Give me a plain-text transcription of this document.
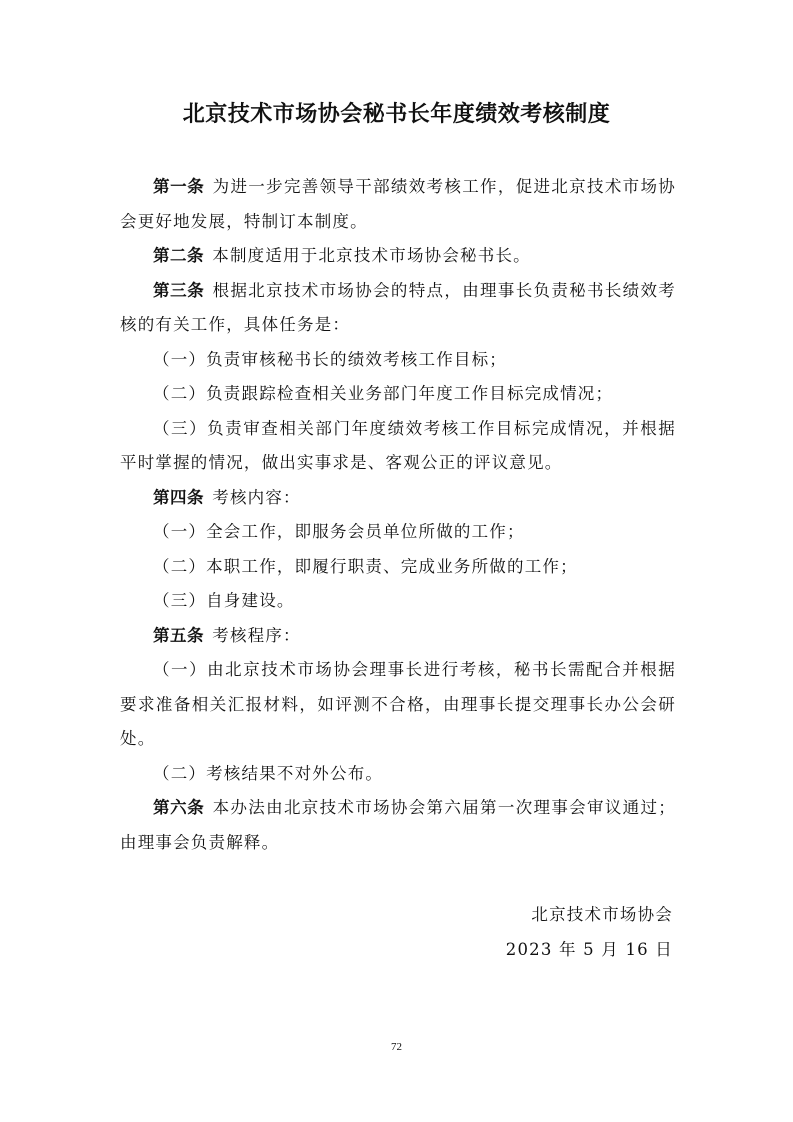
北京技术市场协会秘书长年度绩效考核制度

第一条 为进一步完善领导干部绩效考核工作，促进北京技术市场协会更好地发展，特制订本制度。

第二条 本制度适用于北京技术市场协会秘书长。

第三条 根据北京技术市场协会的特点，由理事长负责秘书长绩效考核的有关工作，具体任务是：

（一）负责审核秘书长的绩效考核工作目标；

（二）负责跟踪检查相关业务部门年度工作目标完成情况；

（三）负责审查相关部门年度绩效考核工作目标完成情况，并根据平时掌握的情况，做出实事求是、客观公正的评议意见。

第四条 考核内容：

（一）全会工作，即服务会员单位所做的工作；

（二）本职工作，即履行职责、完成业务所做的工作；

（三）自身建设。

第五条 考核程序：

（一）由北京技术市场协会理事长进行考核，秘书长需配合并根据要求准备相关汇报材料，如评测不合格，由理事长提交理事长办公会研处。

（二）考核结果不对外公布。

第六条 本办法由北京技术市场协会第六届第一次理事会审议通过；由理事会负责解释。

北京技术市场协会
2023 年 5 月 16 日
72
